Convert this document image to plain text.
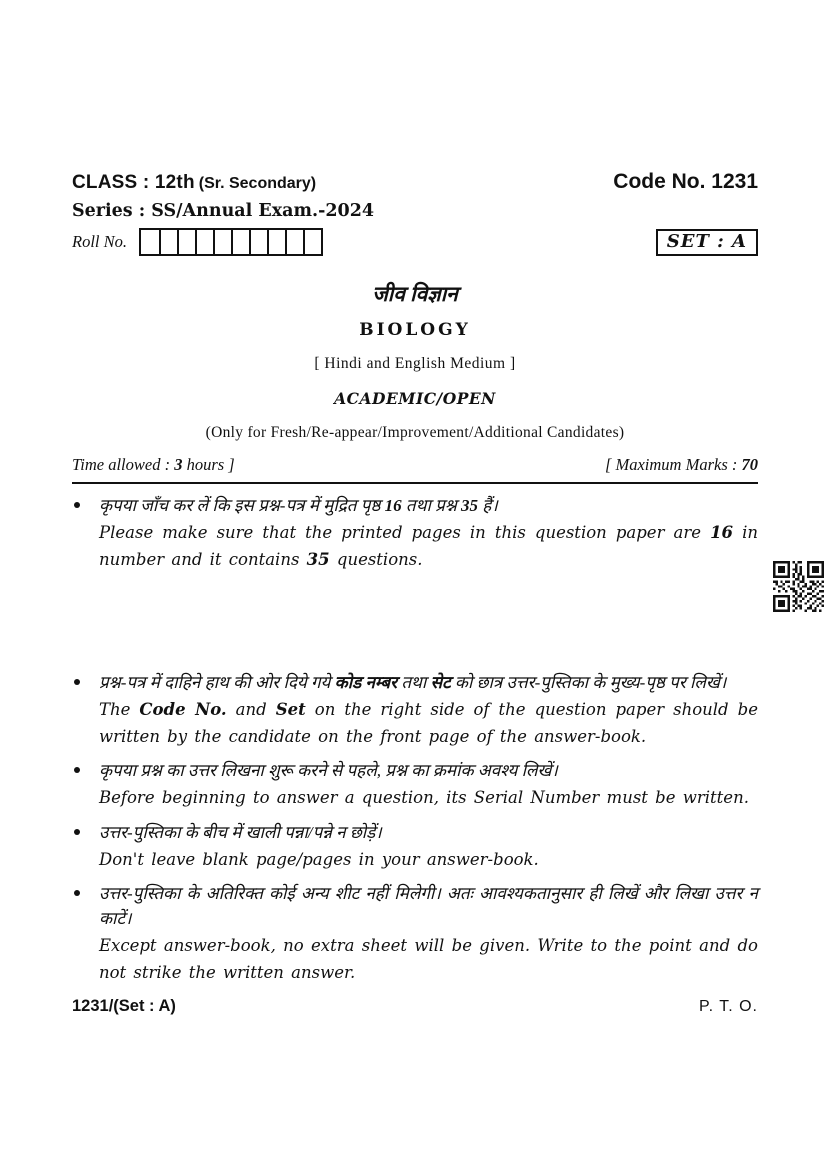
CLASS : 12th (Sr. Secondary)	Code No. 1231
Series : SS/Annual Exam.-2024
Roll No.	SET : A
जीव विज्ञान
BIOLOGY
[ Hindi and English Medium ]
ACADEMIC/OPEN
(Only for Fresh/Re-appear/Improvement/Additional Candidates)
Time allowed : 3 hours ]	[ Maximum Marks : 70
कृपया जाँच कर लें कि इस प्रश्न-पत्र में मुद्रित पृष्ठ 16 तथा प्रश्न 35 हैं।
Please make sure that the printed pages in this question paper are 16 in number and it contains 35 questions.
प्रश्न-पत्र में दाहिने हाथ की ओर दिये गये कोड नम्बर तथा सेट को छात्र उत्तर-पुस्तिका के मुख्य-पृष्ठ पर लिखें।
The Code No. and Set on the right side of the question paper should be written by the candidate on the front page of the answer-book.
कृपया प्रश्न का उत्तर लिखना शुरू करने से पहले, प्रश्न का क्रमांक अवश्य लिखें।
Before beginning to answer a question, its Serial Number must be written.
उत्तर-पुस्तिका के बीच में खाली पन्ना/पन्ने न छोड़ें।
Don't leave blank page/pages in your answer-book.
उत्तर-पुस्तिका के अतिरिक्त कोई अन्य शीट नहीं मिलेगी। अतः आवश्यकतानुसार ही लिखें और लिखा उत्तर न काटें।
Except answer-book, no extra sheet will be given. Write to the point and do not strike the written answer.
1231/(Set : A)	P. T. O.
